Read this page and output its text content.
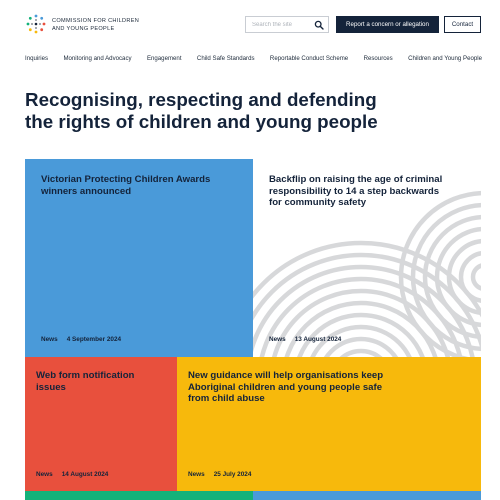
COMMISSION FOR CHILDREN
AND YOUNG PEOPLE
Search the site
Report a concern or allegation	Contact
Inquiries	Monitoring and Advocacy	Engagement	Child Safe Standards	Reportable Conduct Scheme	Resources	Children and Young People
Recognising, respecting and defending the rights of children and young people
Victorian Protecting Children Awards winners announced
News 4 September 2024
Backflip on raising the age of criminal responsibility to 14 a step backwards for community safety
News 13 August 2024
Web form notification issues
News 14 August 2024
New guidance will help organisations keep Aboriginal children and young people safe from child abuse
News 25 July 2024
